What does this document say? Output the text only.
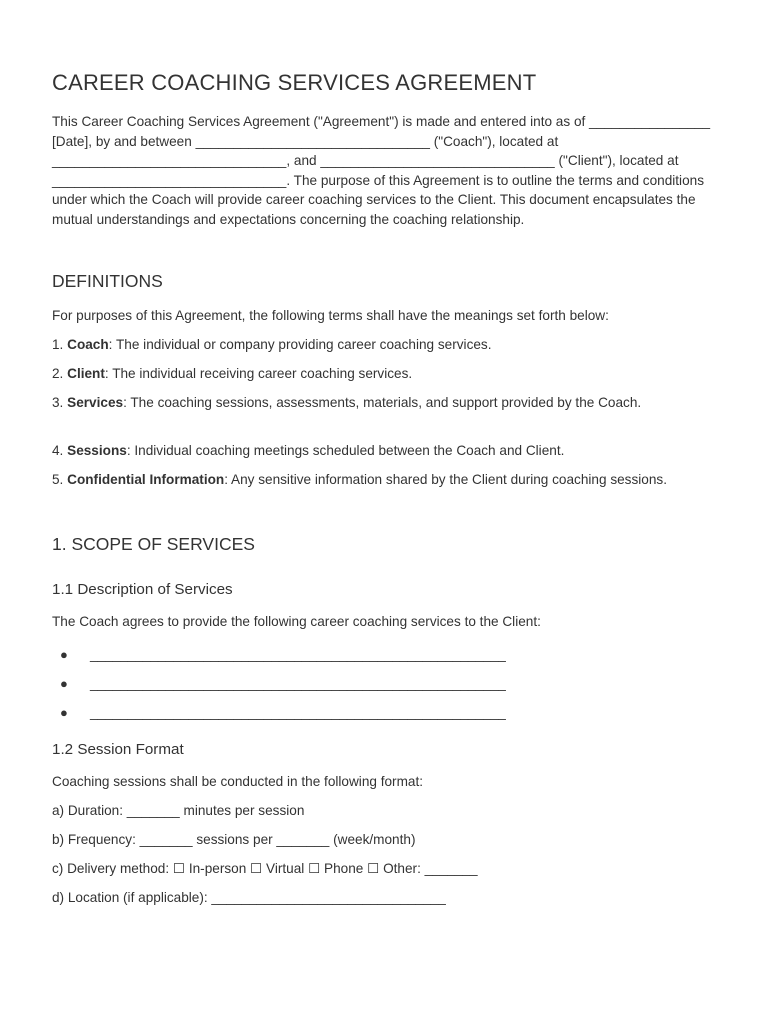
CAREER COACHING SERVICES AGREEMENT

This Career Coaching Services Agreement ("Agreement") is made and entered into as of ________________ [Date], by and between _______________________________ ("Coach"), located at _______________________________, and _______________________________ ("Client"), located at _______________________________. The purpose of this Agreement is to outline the terms and conditions under which the Coach will provide career coaching services to the Client. This document encapsulates the mutual understandings and expectations concerning the coaching relationship.

DEFINITIONS

For purposes of this Agreement, the following terms shall have the meanings set forth below:

1. Coach: The individual or company providing career coaching services.

2. Client: The individual receiving career coaching services.

3. Services: The coaching sessions, assessments, materials, and support provided by the Coach.

4. Sessions: Individual coaching meetings scheduled between the Coach and Client.

5. Confidential Information: Any sensitive information shared by the Client during coaching sessions.

1. SCOPE OF SERVICES
1.1 Description of Services

The Coach agrees to provide the following career coaching services to the Client:

● _______________________________________________________
● _______________________________________________________
● _______________________________________________________
1.2 Session Format

Coaching sessions shall be conducted in the following format:

a) Duration: _______ minutes per session

b) Frequency: _______ sessions per _______ (week/month)

c) Delivery method: ☐ In-person ☐ Virtual ☐ Phone ☐ Other: _______

d) Location (if applicable): _______________________________
